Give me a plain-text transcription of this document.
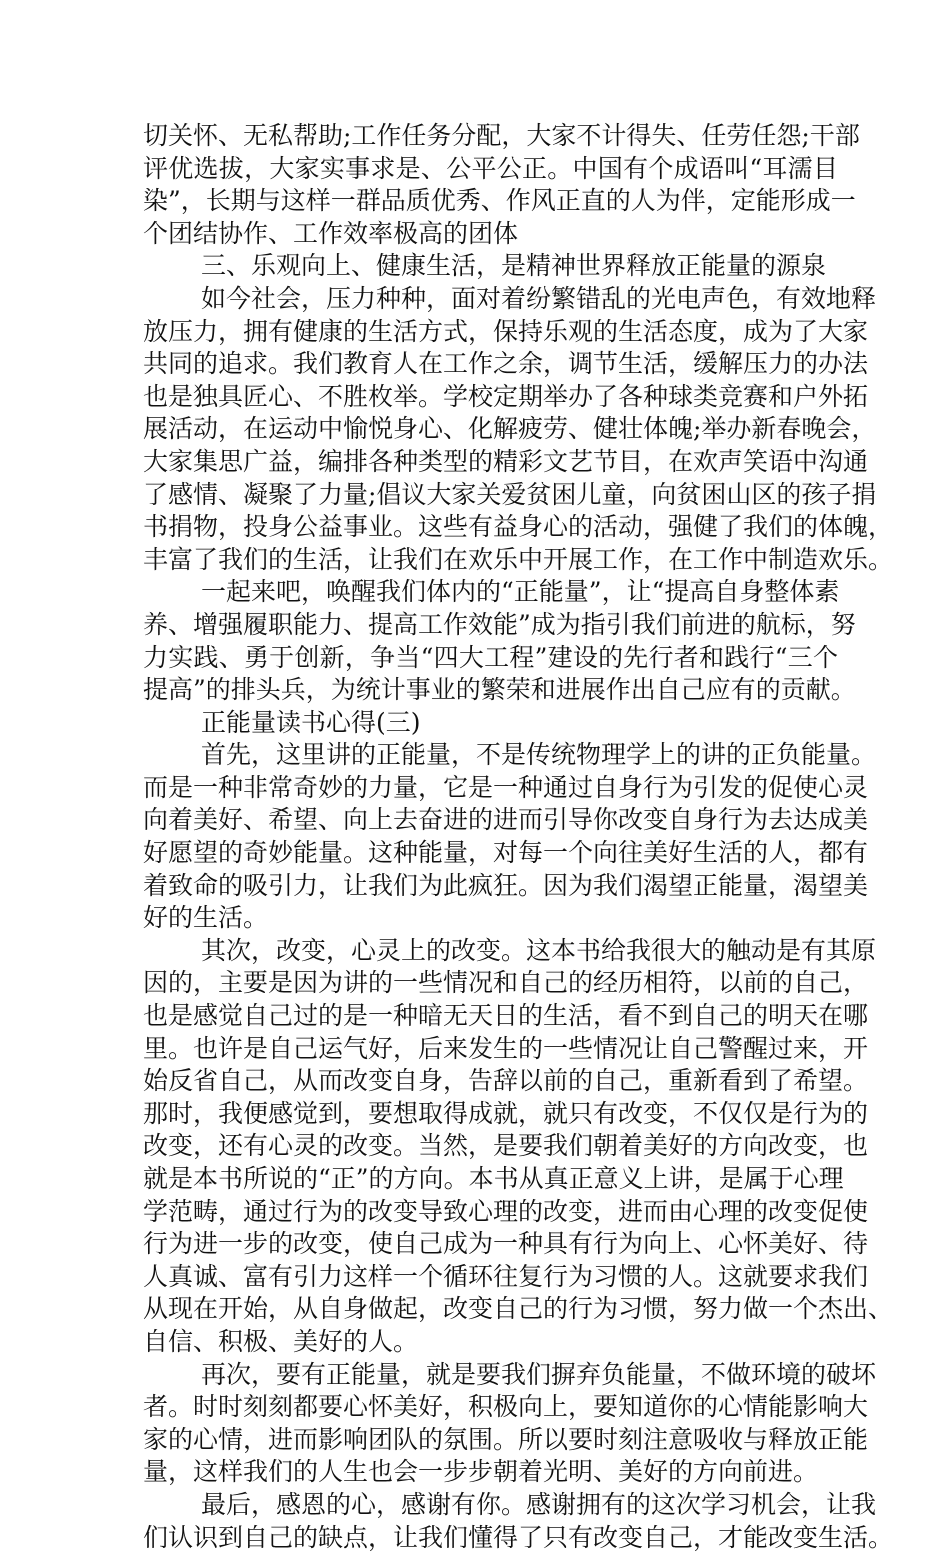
切关怀、无私帮助;工作任务分配，大家不计得失、任劳任怨;干部
评优选拔，大家实事求是、公平公正。中国有个成语叫“耳濡目
染”，长期与这样一群品质优秀、作风正直的人为伴，定能形成一
个团结协作、工作效率极高的团体
三、乐观向上、健康生活，是精神世界释放正能量的源泉
如今社会，压力种种，面对着纷繁错乱的光电声色，有效地释
放压力，拥有健康的生活方式，保持乐观的生活态度，成为了大家
共同的追求。我们教育人在工作之余，调节生活，缓解压力的办法
也是独具匠心、不胜枚举。学校定期举办了各种球类竞赛和户外拓
展活动，在运动中愉悦身心、化解疲劳、健壮体魄;举办新春晚会，
大家集思广益，编排各种类型的精彩文艺节目，在欢声笑语中沟通
了感情、凝聚了力量;倡议大家关爱贫困儿童，向贫困山区的孩子捐
书捐物，投身公益事业。这些有益身心的活动，强健了我们的体魄，
丰富了我们的生活，让我们在欢乐中开展工作，在工作中制造欢乐。
一起来吧，唤醒我们体内的“正能量”，让“提高自身整体素
养、增强履职能力、提高工作效能”成为指引我们前进的航标，努
力实践、勇于创新，争当“四大工程”建设的先行者和践行“三个
提高”的排头兵，为统计事业的繁荣和进展作出自己应有的贡献。
正能量读书心得(三)
首先，这里讲的正能量，不是传统物理学上的讲的正负能量。
而是一种非常奇妙的力量，它是一种通过自身行为引发的促使心灵
向着美好、希望、向上去奋进的进而引导你改变自身行为去达成美
好愿望的奇妙能量。这种能量，对每一个向往美好生活的人，都有
着致命的吸引力，让我们为此疯狂。因为我们渴望正能量，渴望美
好的生活。
其次，改变，心灵上的改变。这本书给我很大的触动是有其原
因的，主要是因为讲的一些情况和自己的经历相符，以前的自己，
也是感觉自己过的是一种暗无天日的生活，看不到自己的明天在哪
里。也许是自己运气好，后来发生的一些情况让自己警醒过来，开
始反省自己，从而改变自身，告辞以前的自己，重新看到了希望。
那时，我便感觉到，要想取得成就，就只有改变，不仅仅是行为的
改变，还有心灵的改变。当然，是要我们朝着美好的方向改变，也
就是本书所说的“正”的方向。本书从真正意义上讲，是属于心理
学范畴，通过行为的改变导致心理的改变，进而由心理的改变促使
行为进一步的改变，使自己成为一种具有行为向上、心怀美好、待
人真诚、富有引力这样一个循环往复行为习惯的人。这就要求我们
从现在开始，从自身做起，改变自己的行为习惯，努力做一个杰出、
自信、积极、美好的人。
再次，要有正能量，就是要我们摒弃负能量，不做环境的破坏
者。时时刻刻都要心怀美好，积极向上，要知道你的心情能影响大
家的心情，进而影响团队的氛围。所以要时刻注意吸收与释放正能
量，这样我们的人生也会一步步朝着光明、美好的方向前进。
最后，感恩的心，感谢有你。感谢拥有的这次学习机会，让我
们认识到自己的缺点，让我们懂得了只有改变自己，才能改变生活。
